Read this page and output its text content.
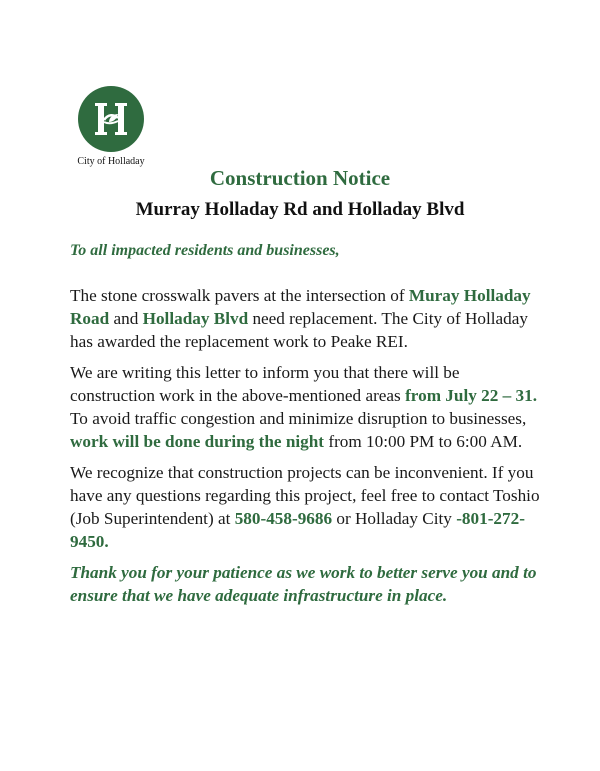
City of Holladay
Construction Notice
Murray Holladay Rd and Holladay Blvd

To all impacted residents and businesses,

The stone crosswalk pavers at the intersection of Muray Holladay Road and Holladay Blvd need replacement. The City of Holladay has awarded the replacement work to Peake REI.

We are writing this letter to inform you that there will be construction work in the above-mentioned areas from July 22 – 31. To avoid traffic congestion and minimize disruption to businesses, work will be done during the night from 10:00 PM to 6:00 AM.

We recognize that construction projects can be inconvenient. If you have any questions regarding this project, feel free to contact Toshio (Job Superintendent) at 580-458-9686 or Holladay City -801-272-9450.

Thank you for your patience as we work to better serve you and to ensure that we have adequate infrastructure in place.
